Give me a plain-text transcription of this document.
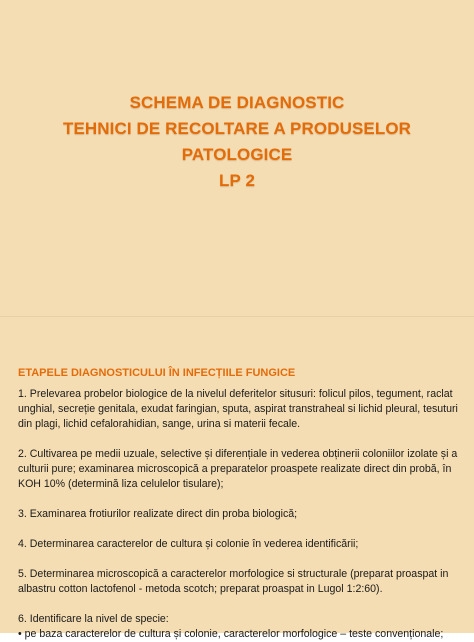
SCHEMA DE DIAGNOSTIC
TEHNICI DE RECOLTARE A PRODUSELOR
PATOLOGICE
LP 2
ETAPELE DIAGNOSTICULUI ÎN INFECȚIILE FUNGICE

1. Prelevarea probelor biologice de la nivelul deferitelor situsuri: folicul pilos, tegument, raclat unghial, secreție genitala, exudat faringian, sputa, aspirat transtraheal si lichid pleural, tesuturi din plagi, lichid cefalorahidian, sange, urina si materii fecale.

2. Cultivarea pe medii uzuale, selective și diferențiale in vederea obținerii coloniilor izolate și a culturii pure; examinarea microscopică a preparatelor proaspete realizate direct din probă, în KOH 10% (determină liza celulelor tisulare);

3. Examinarea frotiurilor realizate direct din proba biologică;

4. Determinarea caracterelor de cultura și colonie în vederea identificării;

5. Determinarea microscopică a caracterelor morfologice si structurale (preparat proaspat in albastru cotton lactofenol - metoda scotch; preparat proaspat in Lugol 1:2:60).

6. Identificare la nivel de specie:
• pe baza caracterelor de cultura și colonie, caracterelor morfologice – teste convenționale;
